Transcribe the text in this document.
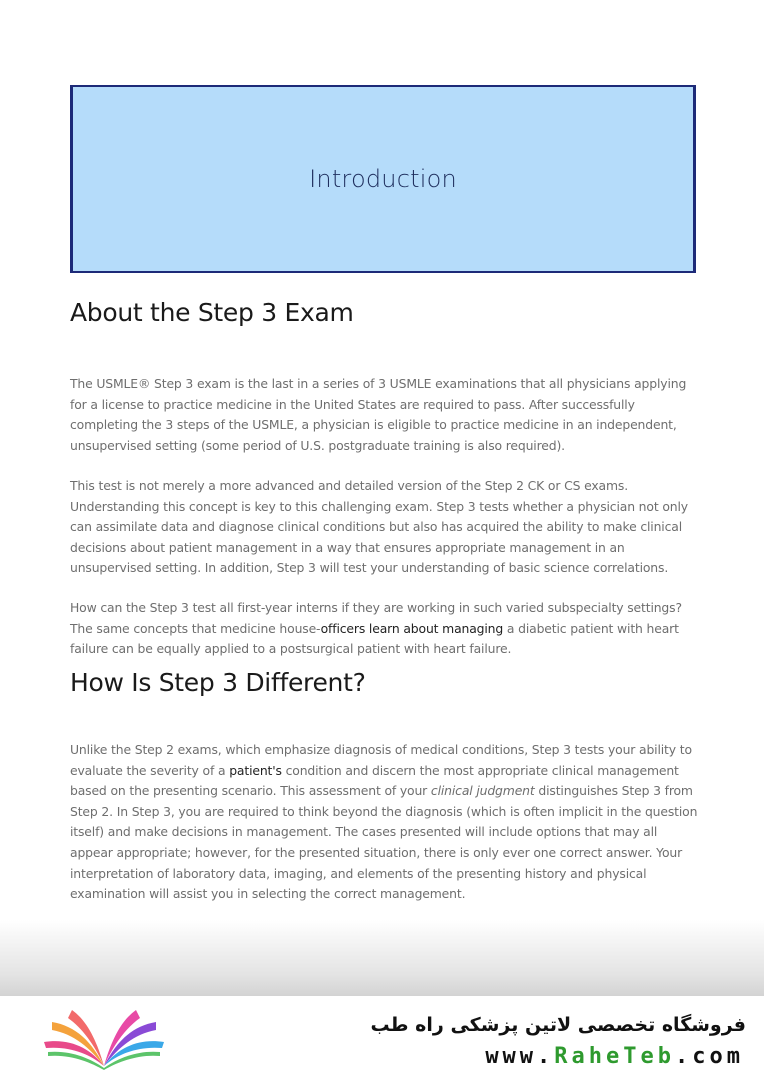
Introduction
About the Step 3 Exam

The USMLE® Step 3 exam is the last in a series of 3 USMLE examinations that all physicians applying for a license to practice medicine in the United States are required to pass. After successfully completing the 3 steps of the USMLE, a physician is eligible to practice medicine in an independent, unsupervised setting (some period of U.S. postgraduate training is also required).

This test is not merely a more advanced and detailed version of the Step 2 CK or CS exams. Understanding this concept is key to this challenging exam. Step 3 tests whether a physician not only can assimilate data and diagnose clinical conditions but also has acquired the ability to make clinical decisions about patient management in a way that ensures appropriate management in an unsupervised setting. In addition, Step 3 will test your understanding of basic science correlations.

How can the Step 3 test all first-year interns if they are working in such varied subspecialty settings? The same concepts that medicine house-officers learn about managing a diabetic patient with heart failure can be equally applied to a postsurgical patient with heart failure.

How Is Step 3 Different?

Unlike the Step 2 exams, which emphasize diagnosis of medical conditions, Step 3 tests your ability to evaluate the severity of a patient's condition and discern the most appropriate clinical management based on the presenting scenario. This assessment of your clinical judgment distinguishes Step 3 from Step 2. In Step 3, you are required to think beyond the diagnosis (which is often implicit in the question itself) and make decisions in management. The cases presented will include options that may all appear appropriate; however, for the presented situation, there is only ever one correct answer. Your interpretation of laboratory data, imaging, and elements of the presenting history and physical examination will assist you in selecting the correct management.

فروشگاه تخصصی لاتین پزشکی راه طب
www.RaheTeb.com
